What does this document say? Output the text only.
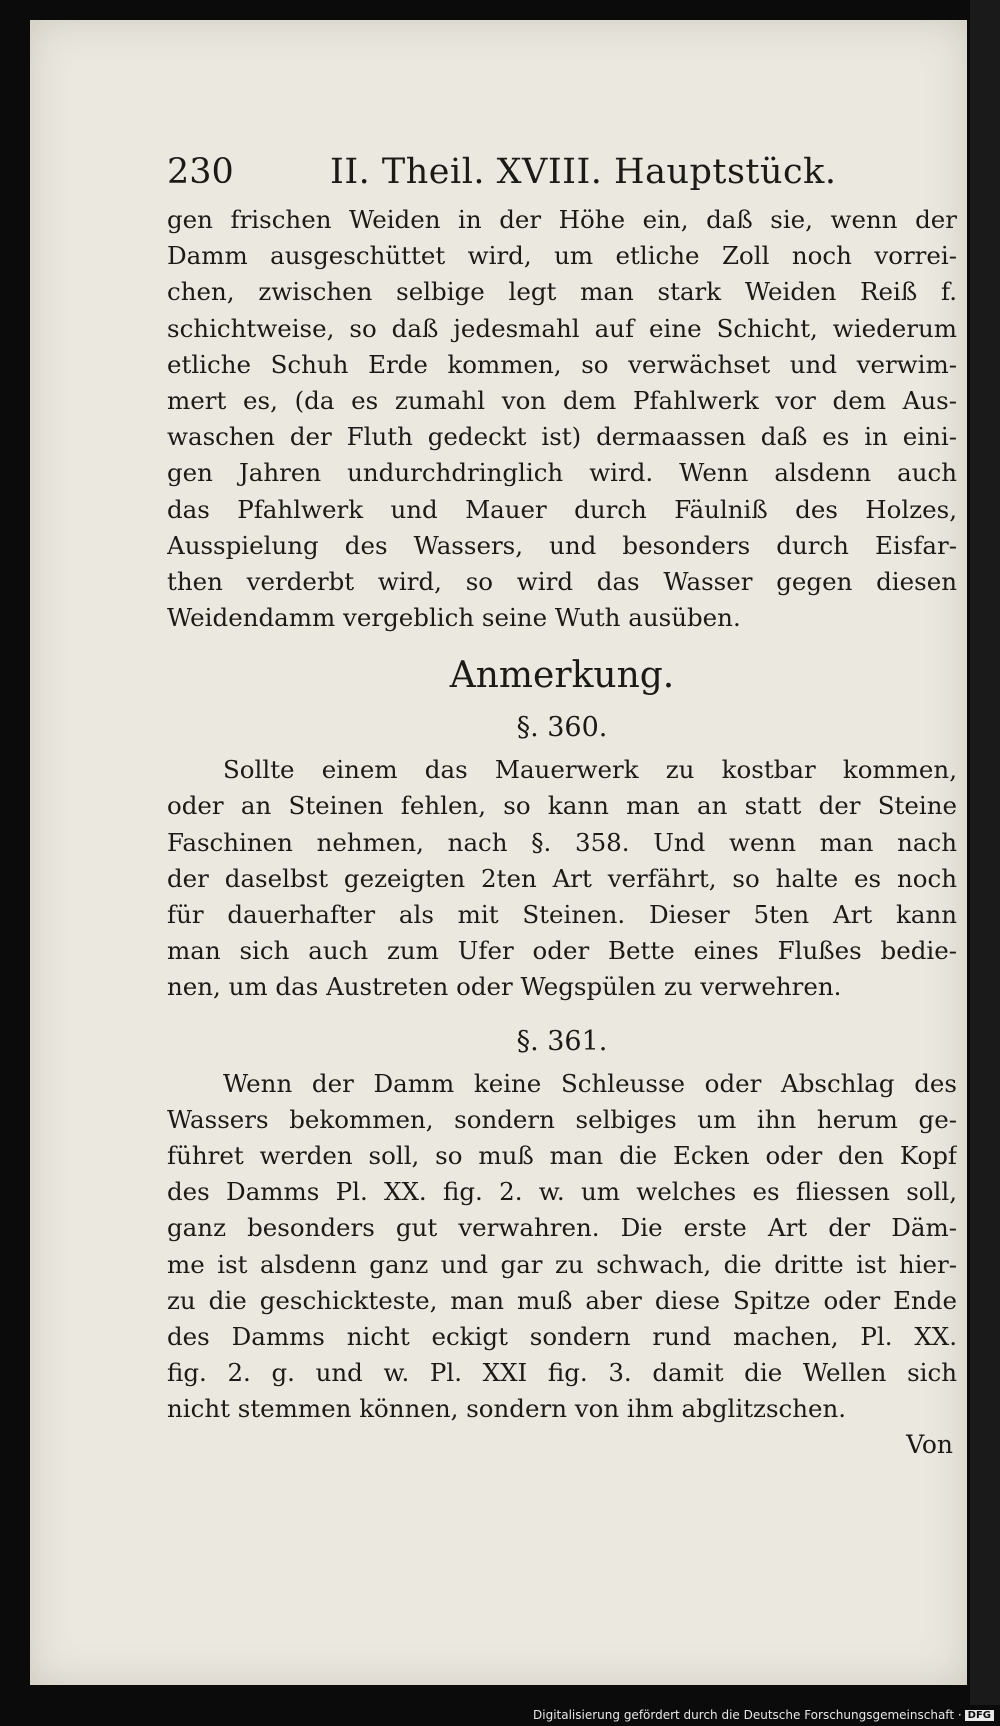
230	II. Theil. XVIII. Hauptstück.
gen frischen Weiden in der Höhe ein, daß sie, wenn der
Damm ausgeschüttet wird, um etliche Zoll noch vorrei-
chen, zwischen selbige legt man stark Weiden Reiß f.
schichtweise, so daß jedesmahl auf eine Schicht, wiederum
etliche Schuh Erde kommen, so verwächset und verwim-
mert es, (da es zumahl von dem Pfahlwerk vor dem Aus-
waschen der Fluth gedeckt ist) dermaassen daß es in eini-
gen Jahren undurchdringlich wird. Wenn alsdenn auch
das Pfahlwerk und Mauer durch Fäulniß des Holzes,
Ausspielung des Wassers, und besonders durch Eisfar-
then verderbt wird, so wird das Wasser gegen diesen
Weidendamm vergeblich seine Wuth ausüben.
Anmerkung.
§. 360.
Sollte einem das Mauerwerk zu kostbar kommen,
oder an Steinen fehlen, so kann man an statt der Steine
Faschinen nehmen, nach §. 358. Und wenn man nach
der daselbst gezeigten 2ten Art verfährt, so halte es noch
für dauerhafter als mit Steinen. Dieser 5ten Art kann
man sich auch zum Ufer oder Bette eines Flußes bedie-
nen, um das Austreten oder Wegspülen zu verwehren.
§. 361.
Wenn der Damm keine Schleusse oder Abschlag des
Wassers bekommen, sondern selbiges um ihn herum ge-
führet werden soll, so muß man die Ecken oder den Kopf
des Damms Pl. XX. fig. 2. w. um welches es fliessen soll,
ganz besonders gut verwahren. Die erste Art der Däm-
me ist alsdenn ganz und gar zu schwach, die dritte ist hier-
zu die geschickteste, man muß aber diese Spitze oder Ende
des Damms nicht eckigt sondern rund machen, Pl. XX.
fig. 2. g. und w. Pl. XXI fig. 3. damit die Wellen sich
nicht stemmen können, sondern von ihm abglitzschen.
Von
Digitalisierung gefördert durch die Deutsche Forschungsgemeinschaft · DFG
